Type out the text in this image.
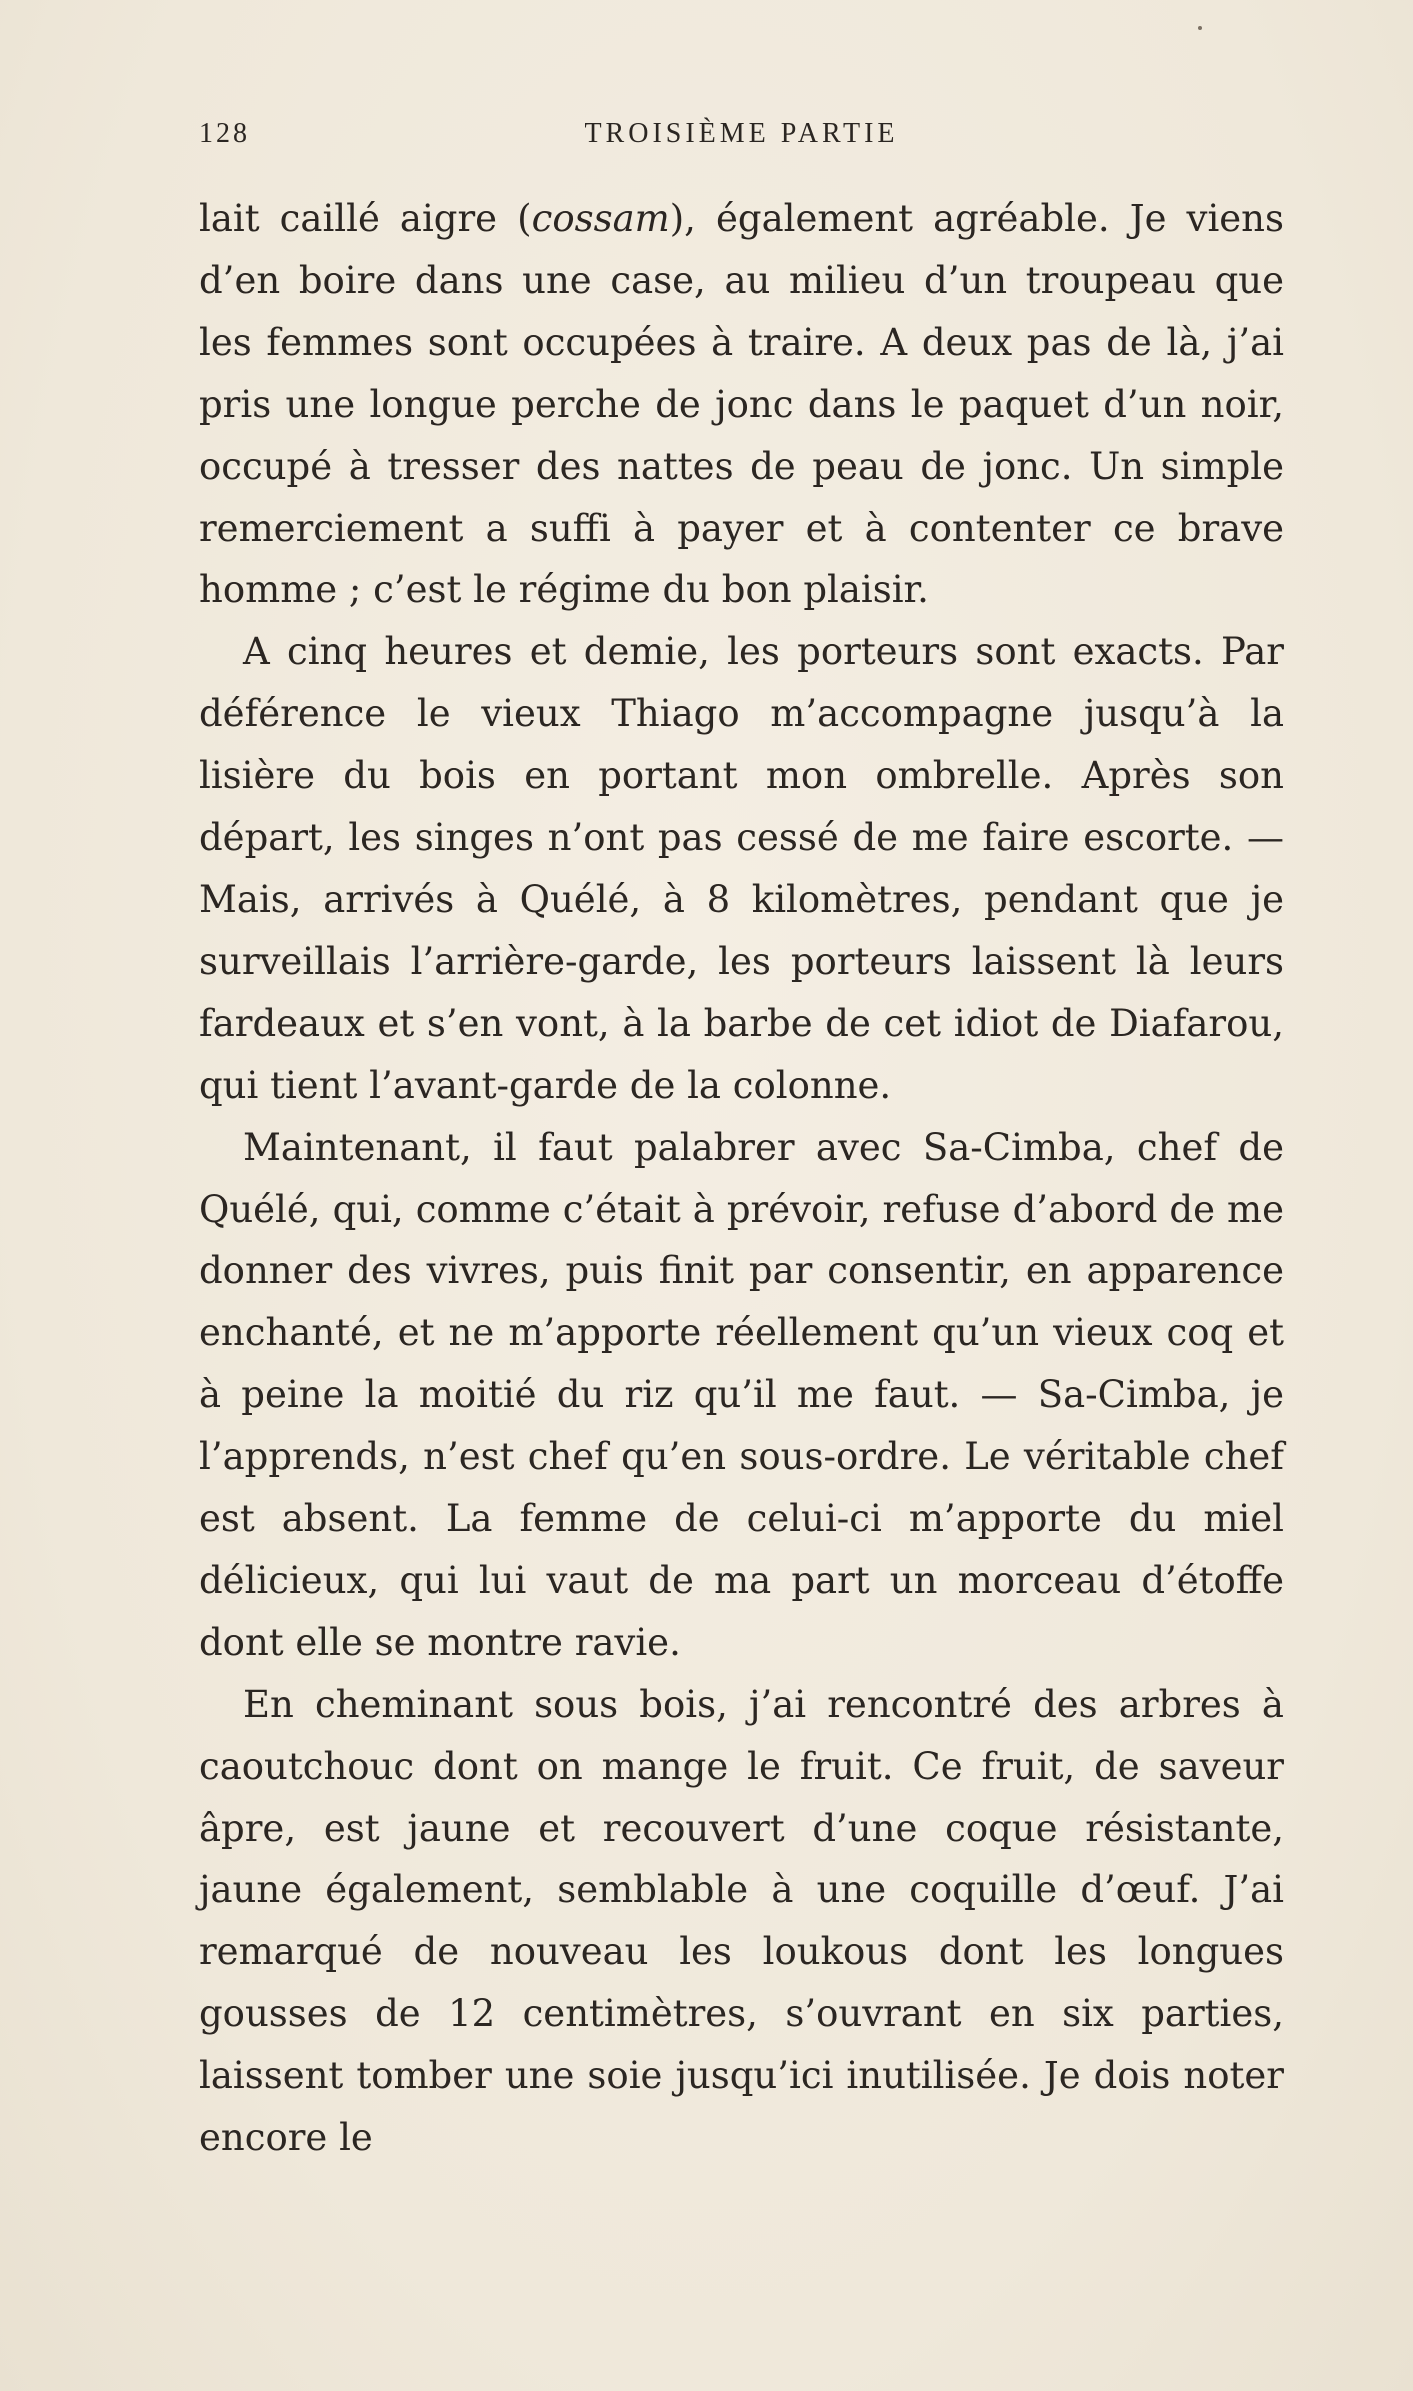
128	TROISIÈME PARTIE

lait caillé aigre (cossam), également agréable. Je viens d’en boire dans une case, au milieu d’un troupeau que les femmes sont occupées à traire. A deux pas de là, j’ai pris une longue perche de jonc dans le paquet d’un noir, occupé à tresser des nattes de peau de jonc. Un simple remerciement a suffi à payer et à contenter ce brave homme ; c’est le régime du bon plaisir.

A cinq heures et demie, les porteurs sont exacts. Par déférence le vieux Thiago m’accompagne jusqu’à la lisière du bois en portant mon ombrelle. Après son départ, les singes n’ont pas cessé de me faire escorte. — Mais, arrivés à Quélé, à 8 kilomètres, pendant que je surveillais l’arrière-garde, les porteurs laissent là leurs fardeaux et s’en vont, à la barbe de cet idiot de Diafarou, qui tient l’avant-garde de la colonne.

Maintenant, il faut palabrer avec Sa-Cimba, chef de Quélé, qui, comme c’était à prévoir, refuse d’abord de me donner des vivres, puis finit par consentir, en apparence enchanté, et ne m’apporte réellement qu’un vieux coq et à peine la moitié du riz qu’il me faut. — Sa-Cimba, je l’apprends, n’est chef qu’en sous-ordre. Le véritable chef est absent. La femme de celui-ci m’apporte du miel délicieux, qui lui vaut de ma part un morceau d’étoffe dont elle se montre ravie.

En cheminant sous bois, j’ai rencontré des arbres à caoutchouc dont on mange le fruit. Ce fruit, de saveur âpre, est jaune et recouvert d’une coque résistante, jaune également, semblable à une coquille d’œuf. J’ai remarqué de nouveau les loukous dont les longues gousses de 12 centimètres, s’ouvrant en six parties, laissent tomber une soie jusqu’ici inutilisée. Je dois noter encore le
